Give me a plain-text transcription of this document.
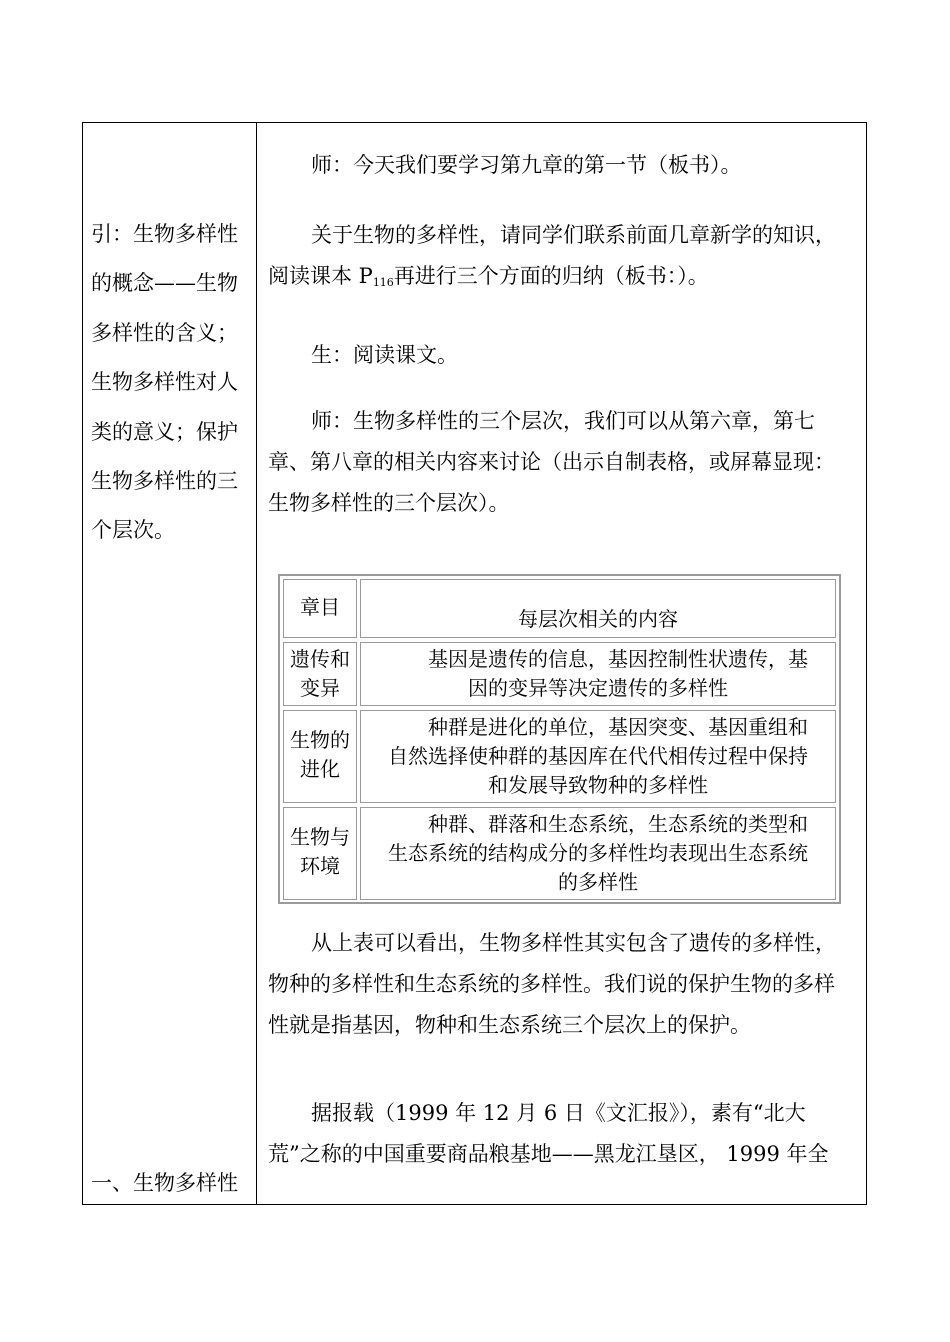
引：生物多样性
的概念——生物
多样性的含义；
生物多样性对人
类的意义；保护
生物多样性的三
个层次。
一、生物多样性
师：今天我们要学习第九章的第一节（板书）。
关于生物的多样性，请同学们联系前面几章新学的知识，
阅读课本 $P_{116}$再进行三个方面的归纳（板书：）。
生：阅读课文。
师：生物多样性的三个层次，我们可以从第六章，第七
章、第八章的相关内容来讨论（出示自制表格，或屏幕显现：
生物多样性的三个层次）。
章目	每层次相关的内容
遗传和
变异
基因是遗传的信息，基因控制性状遗传，基
因的变异等决定遗传的多样性
生物的
进化
种群是进化的单位，基因突变、基因重组和
自然选择使种群的基因库在代代相传过程中保持
和发展导致物种的多样性
生物与
环境
种群、群落和生态系统，生态系统的类型和
生态系统的结构成分的多样性均表现出生态系统
的多样性
从上表可以看出，生物多样性其实包含了遗传的多样性，
物种的多样性和生态系统的多样性。我们说的保护生物的多样
性就是指基因，物种和生态系统三个层次上的保护。
据报载（1999 年 12 月 6 日《文汇报》），素有“北大
荒”之称的中国重要商品粮基地——黑龙江垦区， 1999 年全
